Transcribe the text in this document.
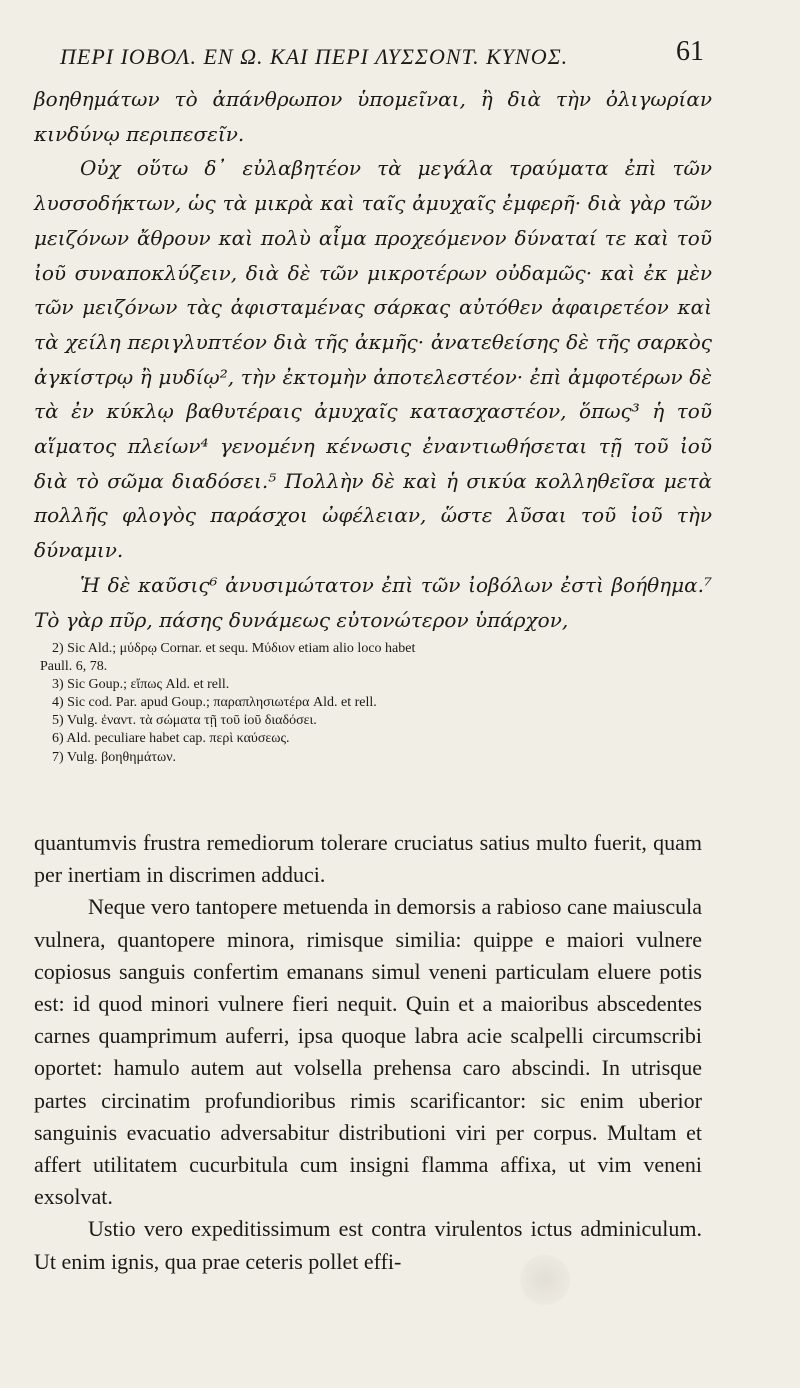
ΠΕΡΙ ΙΟΒΟΛ. ΕΝ Ω. ΚΑΙ ΠΕΡΙ ΛΥΣΣΟΝΤ. ΚΥΝΟΣ.	61

βοηθημάτων τὸ ἀπάνθρωπον ὑπομεῖναι, ἢ διὰ τὴν ὀλιγωρίαν κινδύνῳ περιπεσεῖν.

Οὐχ οὕτω δ᾽ εὐλαβητέον τὰ μεγάλα τραύματα ἐπὶ τῶν λυσσοδήκτων, ὡς τὰ μικρὰ καὶ ταῖς ἀμυχαῖς ἐμφερῆ· διὰ γὰρ τῶν μειζόνων ἄθρουν καὶ πολὺ αἷμα προχεόμενον δύναταί τε καὶ τοῦ ἰοῦ συναποκλύζειν, διὰ δὲ τῶν μικροτέρων οὐδαμῶς· καὶ ἐκ μὲν τῶν μειζόνων τὰς ἀφισταμένας σάρκας αὐτόθεν ἀφαιρετέον καὶ τὰ χείλη περιγλυπτέον διὰ τῆς ἀκμῆς· ἀνατεθείσης δὲ τῆς σαρκὸς ἀγκίστρῳ ἢ μυδίῳ², τὴν ἐκτομὴν ἀποτελεστέον· ἐπὶ ἀμφοτέρων δὲ τὰ ἐν κύκλῳ βαθυτέραις ἀμυχαῖς κατασχαστέον, ὅπως³ ἡ τοῦ αἵματος πλείων⁴ γενομένη κένωσις ἐναντιωθήσεται τῇ τοῦ ἰοῦ διὰ τὸ σῶμα διαδόσει.⁵ Πολλὴν δὲ καὶ ἡ σικύα κολληθεῖσα μετὰ πολλῆς φλογὸς παράσχοι ὠφέλειαν, ὥστε λῦσαι τοῦ ἰοῦ τὴν δύναμιν.

Ἡ δὲ καῦσις⁶ ἀνυσιμώτατον ἐπὶ τῶν ἰοβόλων ἐστὶ βοήθημα.⁷ Τὸ γὰρ πῦρ, πάσης δυνάμεως εὐτονώτερον ὑπάρχον,

2) Sic Ald.; μύδρῳ Cornar. et sequ. Μύδιον etiam alio loco habet
Paull. 6, 78.
3) Sic Goup.; εἴπως Ald. et rell.
4) Sic cod. Par. apud Goup.; παραπλησιωτέρα Ald. et rell.
5) Vulg. ἐναντ. τὰ σώματα τῇ τοῦ ἰοῦ διαδόσει.
6) Ald. peculiare habet cap. περὶ καύσεως.
7) Vulg. βοηθημάτων.

quantumvis frustra remediorum tolerare cruciatus satius multo fuerit, quam per inertiam in discrimen adduci.

Neque vero tantopere metuenda in demorsis a rabioso cane maiuscula vulnera, quantopere minora, rimisque similia: quippe e maiori vulnere copiosus sanguis confertim emanans simul veneni particulam eluere potis est: id quod minori vulnere fieri nequit. Quin et a maioribus abscedentes carnes quamprimum auferri, ipsa quoque labra acie scalpelli circumscribi oportet: hamulo autem aut volsella prehensa caro abscindi. In utrisque partes circinatim profundioribus rimis scarificantor: sic enim uberior sanguinis evacuatio adversabitur distributioni viri per corpus. Multam et affert utilitatem cucurbitula cum insigni flamma affixa, ut vim veneni exsolvat.

Ustio vero expeditissimum est contra virulentos ictus adminiculum. Ut enim ignis, qua prae ceteris pollet effi-
